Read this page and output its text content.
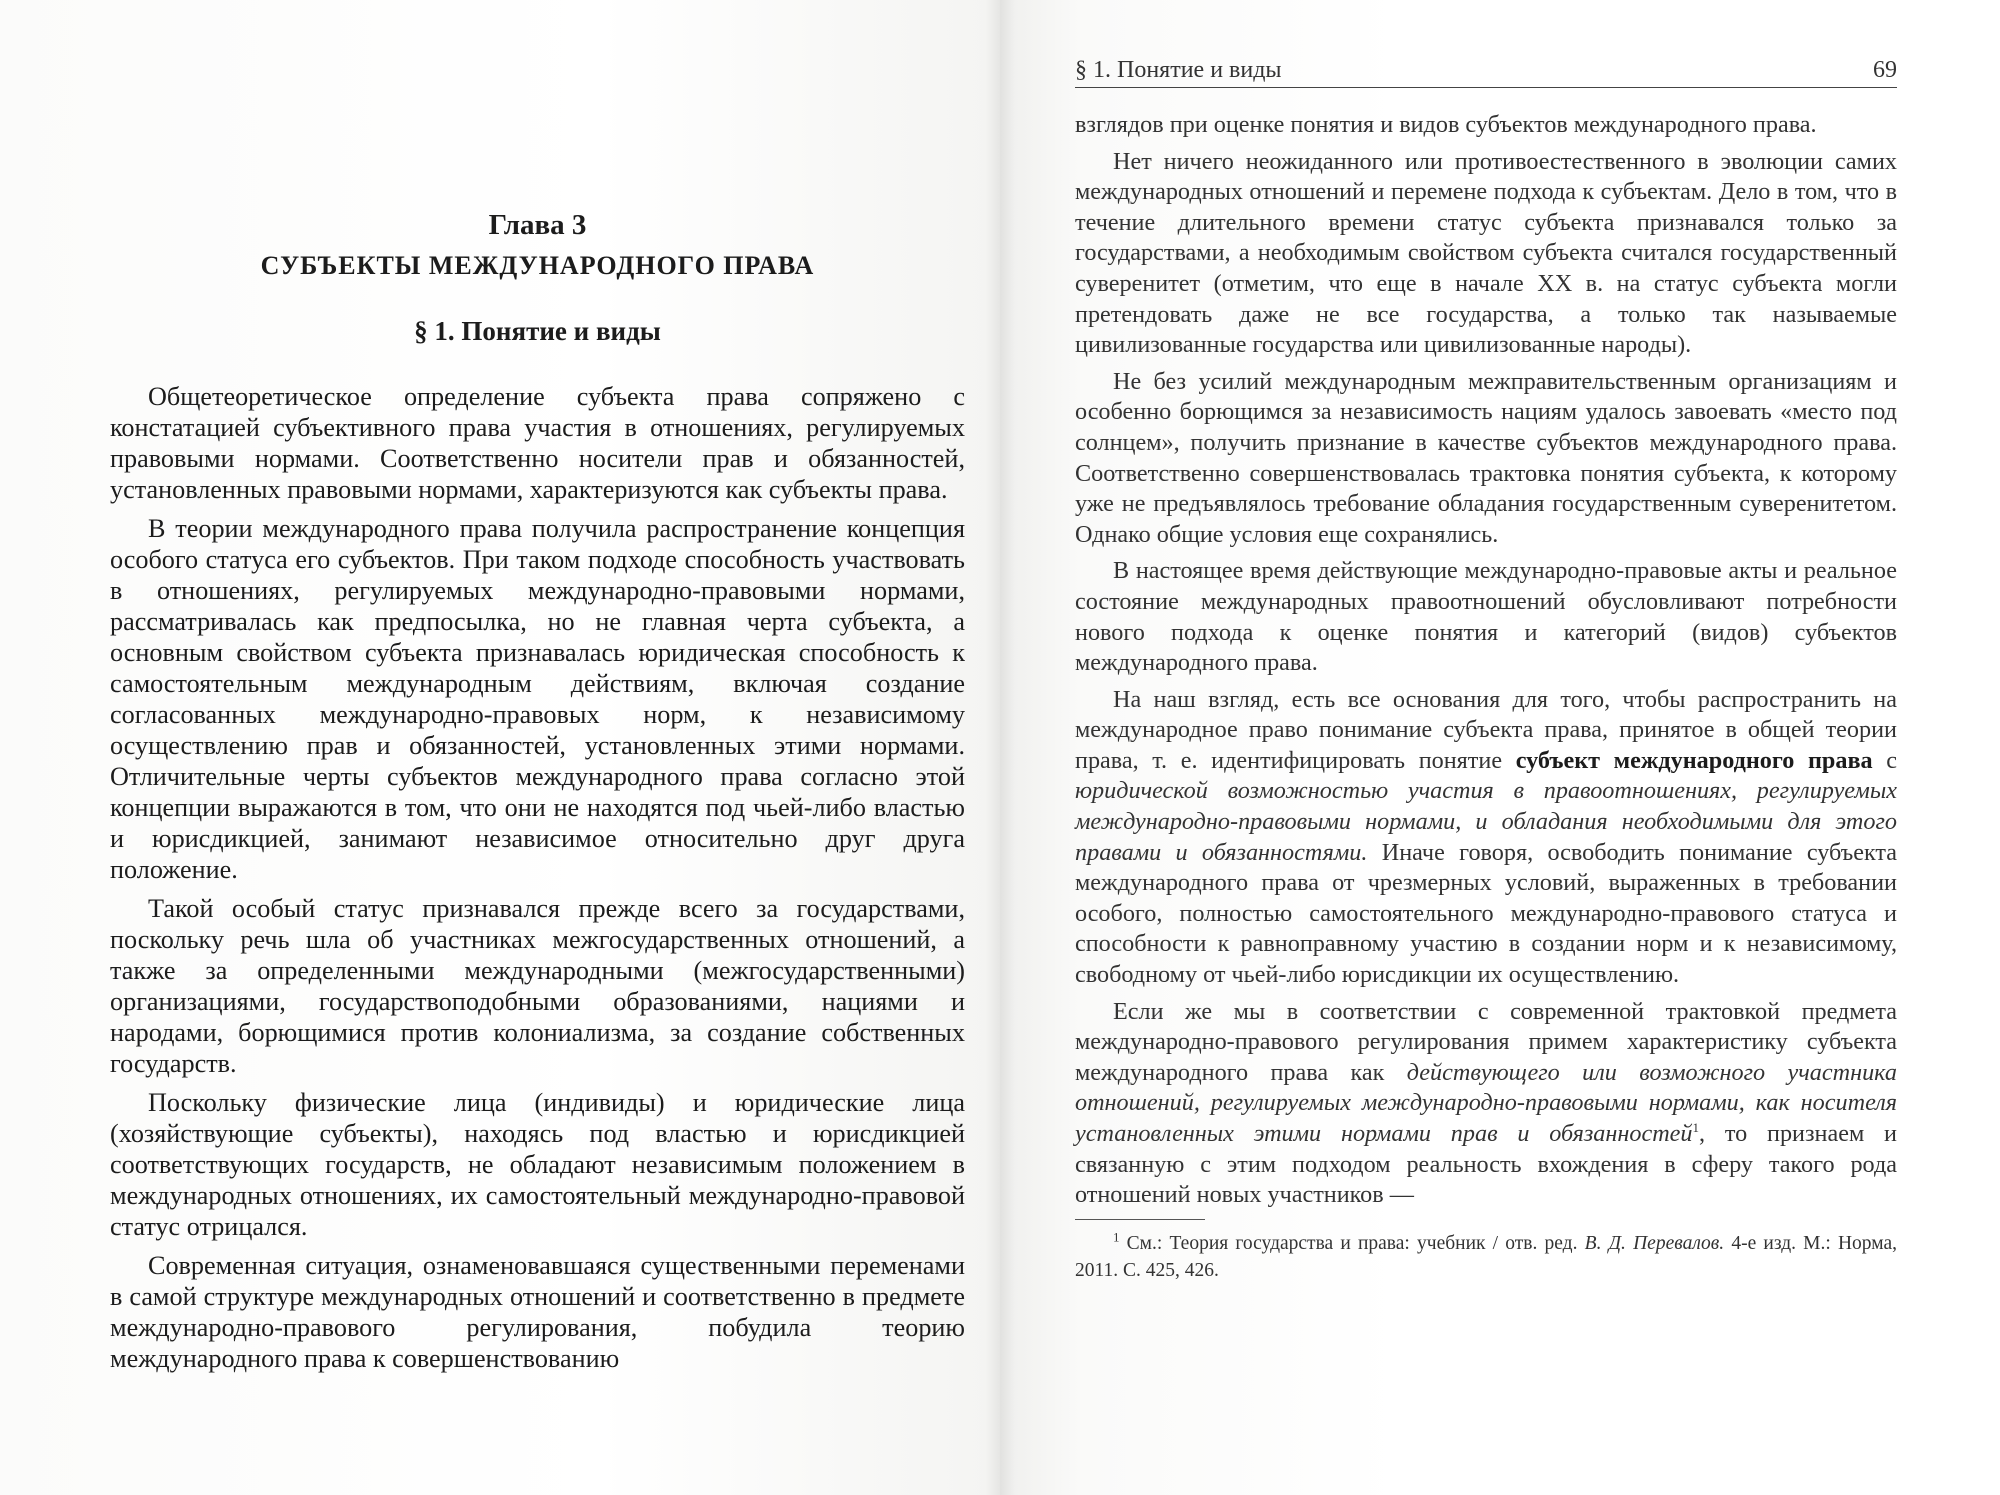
Глава 3

СУБЪЕКТЫ МЕЖДУНАРОДНОГО ПРАВА

§ 1. Понятие и виды

Общетеоретическое определение субъекта права сопряжено с констатацией субъективного права участия в отношениях, регулируемых правовыми нормами. Соответственно носители прав и обязанностей, установленных правовыми нормами, характеризуются как субъекты права.

В теории международного права получила распространение концепция особого статуса его субъектов. При таком подходе способность участвовать в отношениях, регулируемых международно-правовыми нормами, рассматривалась как предпосылка, но не главная черта субъекта, а основным свойством субъекта признавалась юридическая способность к самостоятельным международным действиям, включая создание согласованных международно-правовых норм, к независимому осуществлению прав и обязанностей, установленных этими нормами. Отличительные черты субъектов международного права согласно этой концепции выражаются в том, что они не находятся под чьей-либо властью и юрисдикцией, занимают независимое относительно друг друга положение.

Такой особый статус признавался прежде всего за государствами, поскольку речь шла об участниках межгосударственных отношений, а также за определенными международными (межгосударственными) организациями, государствоподобными образованиями, нациями и народами, борющимися против колониализма, за создание собственных государств.

Поскольку физические лица (индивиды) и юридические лица (хозяйствующие субъекты), находясь под властью и юрисдикцией соответствующих государств, не обладают независимым положением в международных отношениях, их самостоятельный международно-правовой статус отрицался.

Современная ситуация, ознаменовавшаяся существенными переменами в самой структуре международных отношений и соответственно в предмете международно-правового регулирования, побудила теорию международного права к совершенствованию

§ 1. Понятие и виды	69

взглядов при оценке понятия и видов субъектов международного права.

Нет ничего неожиданного или противоестественного в эволюции самих международных отношений и перемене подхода к субъектам. Дело в том, что в течение длительного времени статус субъекта признавался только за государствами, а необходимым свойством субъекта считался государственный суверенитет (отметим, что еще в начале XX в. на статус субъекта могли претендовать даже не все государства, а только так называемые цивилизованные государства или цивилизованные народы).

Не без усилий международным межправительственным организациям и особенно борющимся за независимость нациям удалось завоевать «место под солнцем», получить признание в качестве субъектов международного права. Соответственно совершенствовалась трактовка понятия субъекта, к которому уже не предъявлялось требование обладания государственным суверенитетом. Однако общие условия еще сохранялись.

В настоящее время действующие международно-правовые акты и реальное состояние международных правоотношений обусловливают потребности нового подхода к оценке понятия и категорий (видов) субъектов международного права.

На наш взгляд, есть все основания для того, чтобы распространить на международное право понимание субъекта права, принятое в общей теории права, т. е. идентифицировать понятие субъект международного права с юридической возможностью участия в правоотношениях, регулируемых международно-правовыми нормами, и обладания необходимыми для этого правами и обязанностями. Иначе говоря, освободить понимание субъекта международного права от чрезмерных условий, выраженных в требовании особого, полностью самостоятельного международно-правового статуса и способности к равноправному участию в создании норм и к независимому, свободному от чьей-либо юрисдикции их осуществлению.

Если же мы в соответствии с современной трактовкой предмета международно-правового регулирования примем характеристику субъекта международного права как действующего или возможного участника отношений, регулируемых международно-правовыми нормами, как носителя установленных этими нормами прав и обязанностей$^1$, то признаем и связанную с этим подходом реальность вхождения в сферу такого рода отношений новых участников —

$^1$ См.: Теория государства и права: учебник / отв. ред. В. Д. Перевалов. 4-е изд. М.: Норма, 2011. С. 425, 426.
